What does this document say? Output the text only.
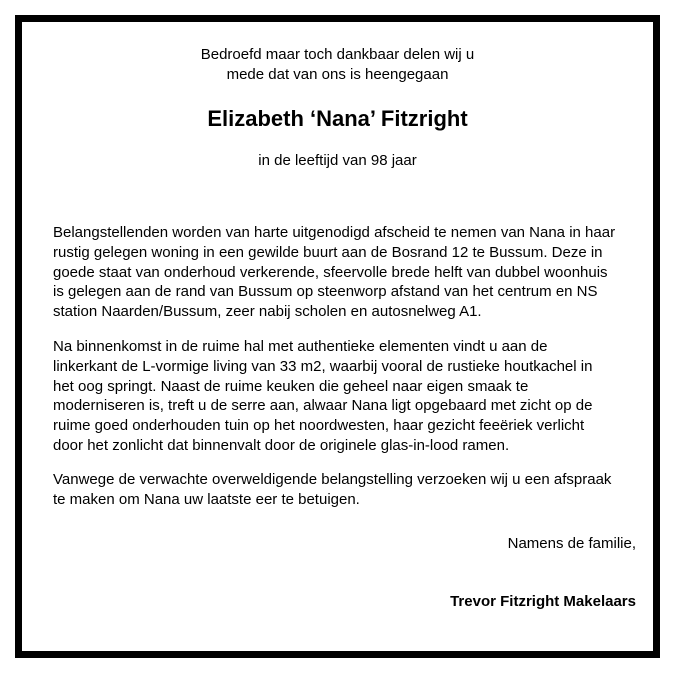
Bedroefd maar toch dankbaar delen wij u
mede dat van ons is heengegaan
Elizabeth ‘Nana’ Fitzright
in de leeftijd van 98 jaar
Belangstellenden worden van harte uitgenodigd afscheid te nemen van Nana in haar
rustig gelegen woning in een gewilde buurt aan de Bosrand 12 te Bussum. Deze in
goede staat van onderhoud verkerende, sfeervolle brede helft van dubbel woonhuis
is gelegen aan de rand van Bussum op steenworp afstand van het centrum en NS
station Naarden/Bussum, zeer nabij scholen en autosnelweg A1.
Na binnenkomst in de ruime hal met authentieke elementen vindt u aan de
linkerkant de L-vormige living van 33 m2, waarbij vooral de rustieke houtkachel in
het oog springt. Naast de ruime keuken die geheel naar eigen smaak te
moderniseren is, treft u de serre aan, alwaar Nana ligt opgebaard met zicht op de
ruime goed onderhouden tuin op het noordwesten, haar gezicht feeëriek verlicht
door het zonlicht dat binnenvalt door de originele glas-in-lood ramen.
Vanwege de verwachte overweldigende belangstelling verzoeken wij u een afspraak
te maken om Nana uw laatste eer te betuigen.
Namens de familie,
Trevor Fitzright Makelaars
